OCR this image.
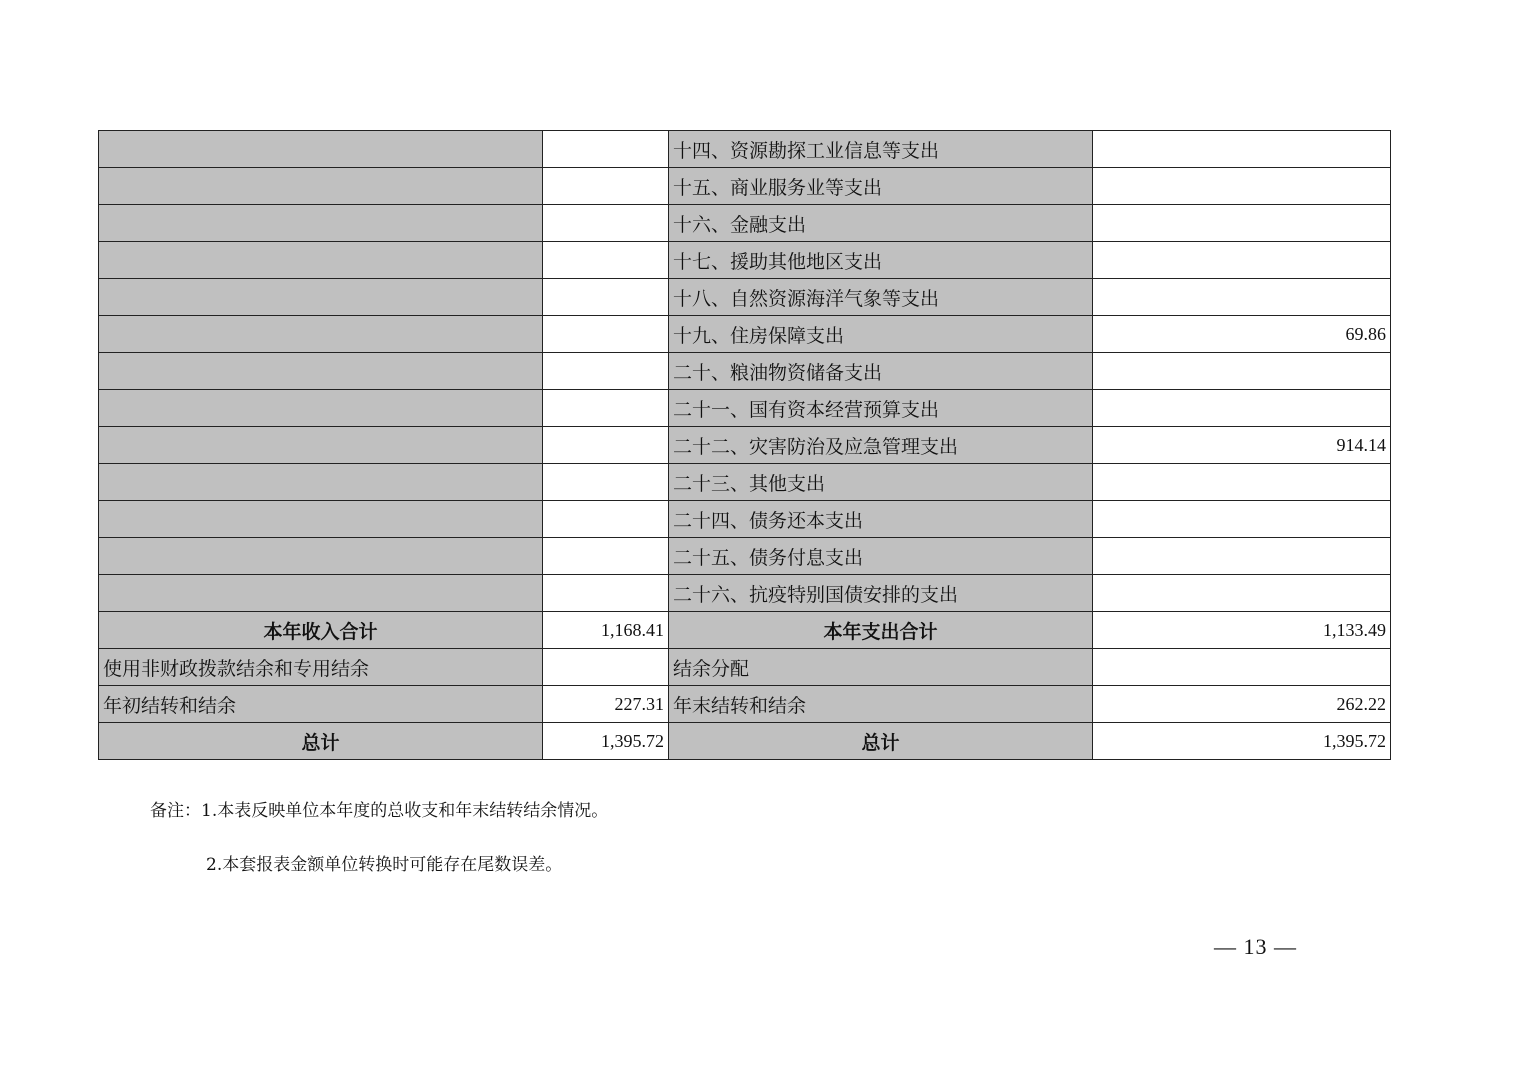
		十四、资源勘探工业信息等支出	
		十五、商业服务业等支出	
		十六、金融支出	
		十七、援助其他地区支出	
		十八、自然资源海洋气象等支出	
		十九、住房保障支出	69.86
		二十、粮油物资储备支出	
		二十一、国有资本经营预算支出	
		二十二、灾害防治及应急管理支出	914.14
		二十三、其他支出	
		二十四、债务还本支出	
		二十五、债务付息支出	
		二十六、抗疫特别国债安排的支出	
本年收入合计	1,168.41	本年支出合计	1,133.49
使用非财政拨款结余和专用结余		结余分配	
年初结转和结余	227.31	年末结转和结余	262.22
总计	1,395.72	总计	1,395.72
备注：1.本表反映单位本年度的总收支和年末结转结余情况。
2.本套报表金额单位转换时可能存在尾数误差。
— 13 —
